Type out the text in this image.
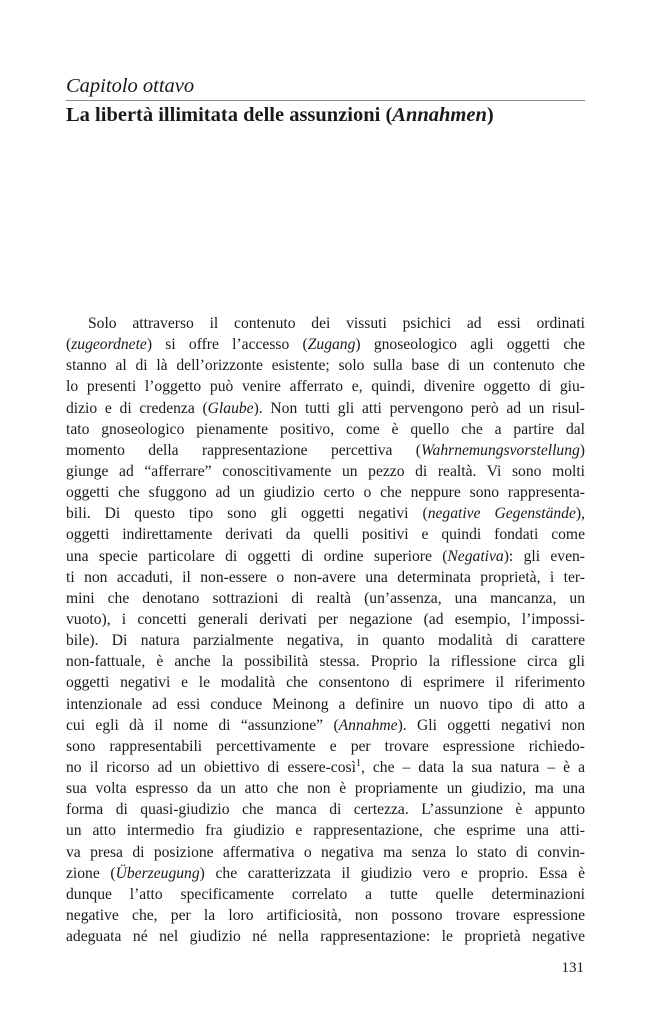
Capitolo ottavo
La libertà illimitata delle assunzioni (Annahmen)
Solo attraverso il contenuto dei vissuti psichici ad essi ordinati
(zugeordnete) si offre l’accesso (Zugang) gnoseologico agli oggetti che
stanno al di là dell’orizzonte esistente; solo sulla base di un contenuto che
lo presenti l’oggetto può venire afferrato e, quindi, divenire oggetto di giu-
dizio e di credenza (Glaube). Non tutti gli atti pervengono però ad un risul-
tato gnoseologico pienamente positivo, come è quello che a partire dal
momento della rappresentazione percettiva (Wahrnemungsvorstellung)
giunge ad “afferrare” conoscitivamente un pezzo di realtà. Vi sono molti
oggetti che sfuggono ad un giudizio certo o che neppure sono rappresenta-
bili. Di questo tipo sono gli oggetti negativi (negative Gegenstände),
oggetti indirettamente derivati da quelli positivi e quindi fondati come
una specie particolare di oggetti di ordine superiore (Negativa): gli even-
ti non accaduti, il non-essere o non-avere una determinata proprietà, i ter-
mini che denotano sottrazioni di realtà (un’assenza, una mancanza, un
vuoto), i concetti generali derivati per negazione (ad esempio, l’impossi-
bile). Di natura parzialmente negativa, in quanto modalità di carattere
non-fattuale, è anche la possibilità stessa. Proprio la riflessione circa gli
oggetti negativi e le modalità che consentono di esprimere il riferimento
intenzionale ad essi conduce Meinong a definire un nuovo tipo di atto a
cui egli dà il nome di “assunzione” (Annahme). Gli oggetti negativi non
sono rappresentabili percettivamente e per trovare espressione richiedo-
no il ricorso ad un obiettivo di essere-così$^1$, che – data la sua natura – è a
sua volta espresso da un atto che non è propriamente un giudizio, ma una
forma di quasi-giudizio che manca di certezza. L’assunzione è appunto
un atto intermedio fra giudizio e rappresentazione, che esprime una atti-
va presa di posizione affermativa o negativa ma senza lo stato di convin-
zione (Überzeugung) che caratterizzata il giudizio vero e proprio. Essa è
dunque l’atto specificamente correlato a tutte quelle determinazioni
negative che, per la loro artificiosità, non possono trovare espressione
adeguata né nel giudizio né nella rappresentazione: le proprietà negative
131
